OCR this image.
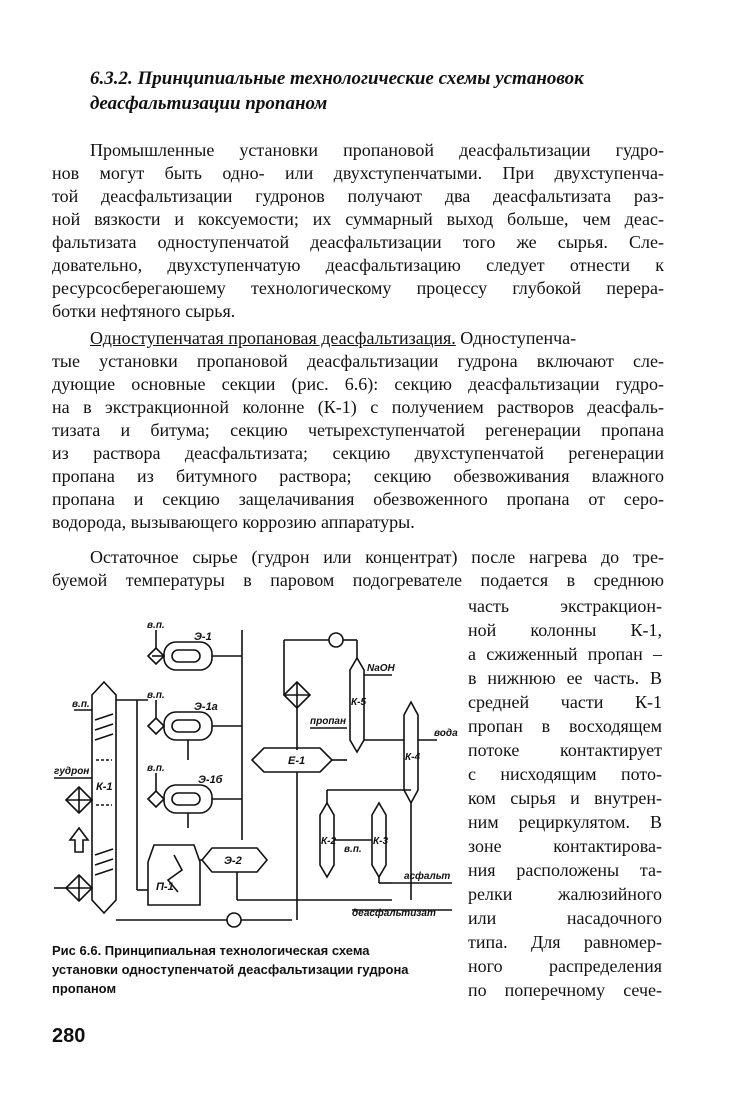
6.3.2. Принципиальные технологические схемы установок
деасфальтизации пропаном
Промышленные установки пропановой деасфальтизации гудро-
нов могут быть одно- или двухступенчатыми. При двухступенча-
той деасфальтизации гудронов получают два деасфальтизата раз-
ной вязкости и коксуемости; их суммарный выход больше, чем деас-
фальтизата одноступенчатой деасфальтизации того же сырья. Сле-
довательно, двухступенчатую деасфальтизацию следует отнести к
ресурсосберегаюшему технологическому процессу глубокой перера-
ботки нефтяного сырья.
Одноступенчатая пропановая деасфальтизация. Одноступенча-
тые установки пропановой деасфальтизации гудрона включают сле-
дующие основные секции (рис. 6.6): секцию деасфальтизации гудро-
на в экстракционной колонне (К-1) с получением растворов деасфаль-
тизата и битума; секцию четырехступенчатой регенерации пропана
из раствора деасфальтизата; секцию двухступенчатой регенерации
пропана из битумного раствора; секцию обезвоживания влажного
пропана и секцию защелачивания обезвоженного пропана от серо-
водорода, вызывающего коррозию аппаратуры.
Остаточное сырье (гудрон или концентрат) после нагрева до тре-
буемой температуры в паровом подогревателе подается в среднюю
часть экстракцион-
ной колонны К-1,
а сжиженный пропан –
в нижнюю ее часть. В
средней части К-1
пропан в восходящем
потоке контактирует
с нисходящим пото-
ком сырья и внутрен-
ним рециркулятом. В
зоне контактирова-
ния расположены та-
релки жалюзийного
или насадочного
типа. Для равномер-
ного распределения
по поперечному сече-
в.п.
Э-1
в.п.
Э-1а
в.п.
Э-1б
в.п.
гудрон
К-1
П-1
Э-2
Е-1
пропан
NaOH
К-5
вода
К-4
К-2	К-3
в.п.
асфальт
деасфальтизат
Рис 6.6. Принципиальная технологическая схема
установки одноступенчатой деасфальтизации гудрона
пропаном
280
